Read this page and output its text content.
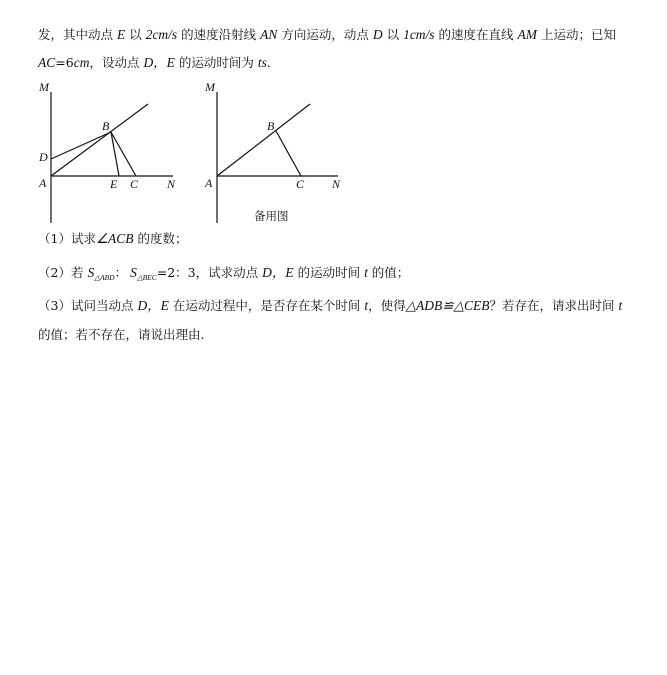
发，其中动点 E 以 2cm/s 的速度沿射线 AN 方向运动，动点 D 以 1cm/s 的速度在直线 AM 上运动；已知
AC=6cm，设动点 D，E 的运动时间为 ts.
M
B
D
A	E C N
M
B
A	C N
备用图
（1）试求∠ACB 的度数；
（2）若 $S_{\triangle ABD}$： $S_{\triangle BEC}=2$：3，试求动点 D，E 的运动时间 t 的值；
（3）试问当动点 D，E 在运动过程中，是否存在某个时间 t，使得△ADB≌△CEB？若存在，请求出时间 t
的值；若不存在，请说出理由.
